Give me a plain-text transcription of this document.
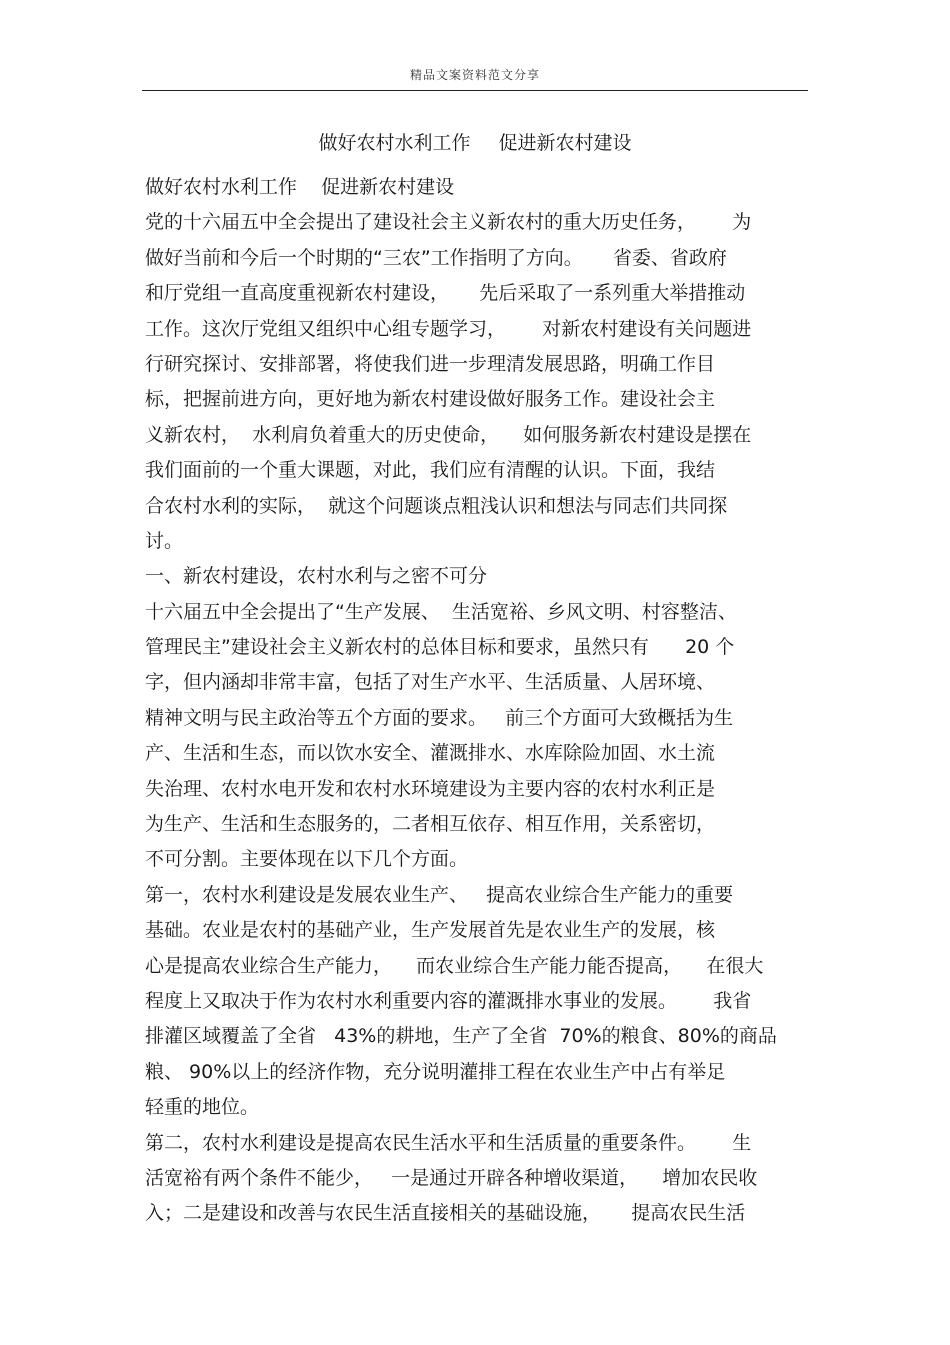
精品文案资料范文分享
做好农村水利工作 促进新农村建设
做好农村水利工作    促进新农村建设
党的十六届五中全会提出了建设社会主义新农村的重大历史任务，      为
做好当前和今后一个时期的“三农”工作指明了方向。     省委、省政府
和厅党组一直高度重视新农村建设，     先后采取了一系列重大举措推动
工作。这次厅党组又组织中心组专题学习，      对新农村建设有关问题进
行研究探讨、安排部署，将使我们进一步理清发展思路，明确工作目
标，把握前进方向，更好地为新农村建设做好服务工作。建设社会主
义新农村，  水利肩负着重大的历史使命，    如何服务新农村建设是摆在
我们面前的一个重大课题，对此，我们应有清醒的认识。下面，我结
合农村水利的实际，  就这个问题谈点粗浅认识和想法与同志们共同探
讨。
一、新农村建设，农村水利与之密不可分
十六届五中全会提出了“生产发展、  生活宽裕、乡风文明、村容整洁、
管理民主”建设社会主义新农村的总体目标和要求，虽然只有      20 个
字，但内涵却非常丰富，包括了对生产水平、生活质量、人居环境、
精神文明与民主政治等五个方面的要求。   前三个方面可大致概括为生
产、生活和生态，而以饮水安全、灌溉排水、水库除险加固、水土流
失治理、农村水电开发和农村水环境建设为主要内容的农村水利正是
为生产、生活和生态服务的，二者相互依存、相互作用，关系密切，
不可分割。主要体现在以下几个方面。
第一，农村水利建设是发展农业生产、   提高农业综合生产能力的重要
基础。农业是农村的基础产业，生产发展首先是农业生产的发展，核
心是提高农业综合生产能力，    而农业综合生产能力能否提高，    在很大
程度上又取决于作为农村水利重要内容的灌溉排水事业的发展。      我省
排灌区域覆盖了全省   43%的耕地，生产了全省  70%的粮食、80%的商品
粮、 90%以上的经济作物，充分说明灌排工程在农业生产中占有举足
轻重的地位。
第二，农村水利建设是提高农民生活水平和生活质量的重要条件。      生
活宽裕有两个条件不能少，   一是通过开辟各种增收渠道，    增加农民收
入；二是建设和改善与农民生活直接相关的基础设施，     提高农民生活
